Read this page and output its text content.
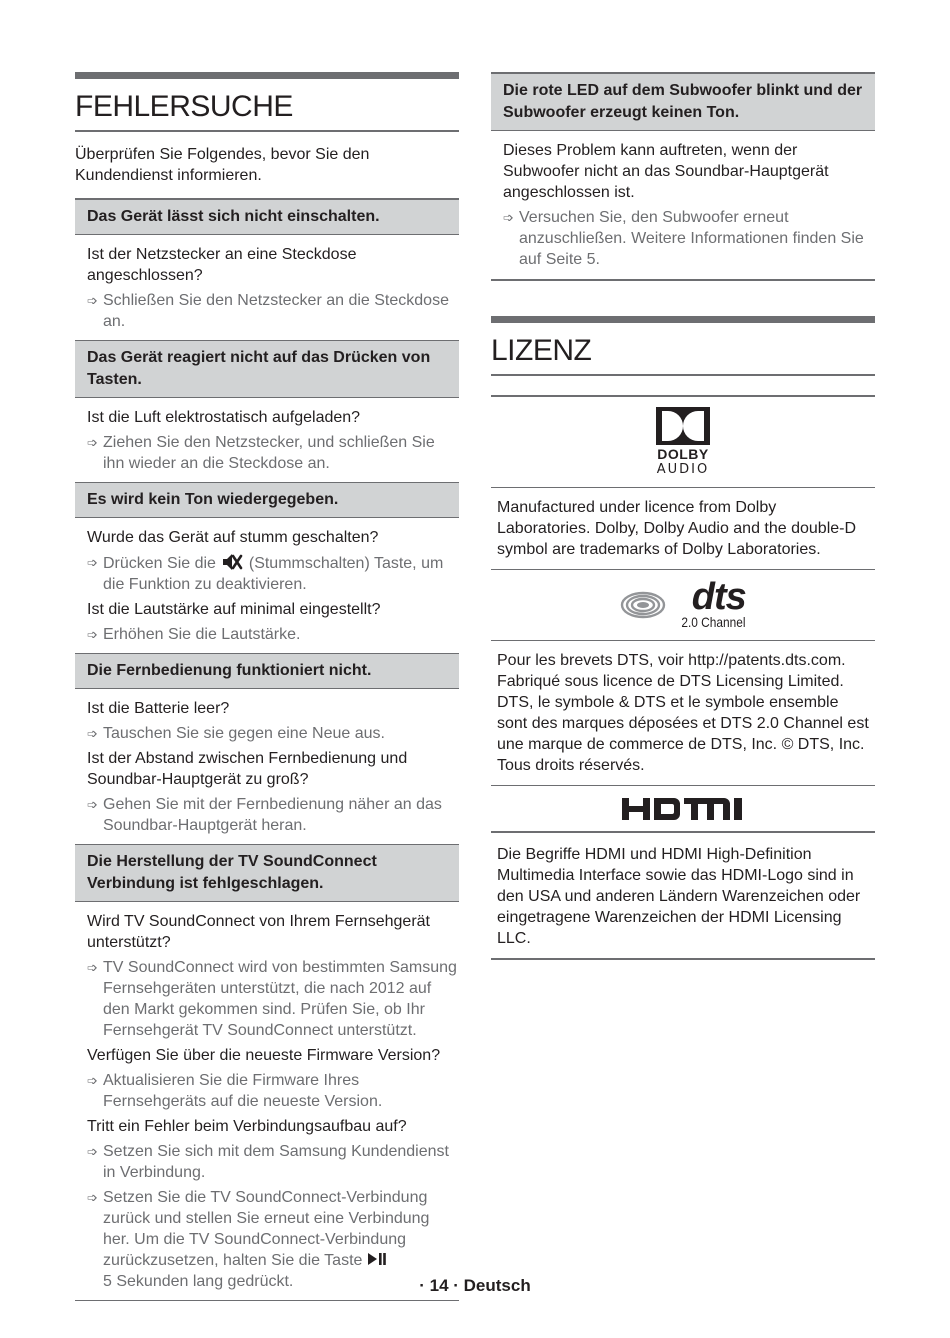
FEHLERSUCHE
Überprüfen Sie Folgendes, bevor Sie den Kundendienst informieren.
Das Gerät lässt sich nicht einschalten.
Ist der Netzstecker an eine Steckdose angeschlossen?
➩ Schließen Sie den Netzstecker an die Steckdose an.
Das Gerät reagiert nicht auf das Drücken von Tasten.
Ist die Luft elektrostatisch aufgeladen?
➩ Ziehen Sie den Netzstecker, und schließen Sie ihn wieder an die Steckdose an.
Es wird kein Ton wiedergegeben.
Wurde das Gerät auf stumm geschalten?
➩ Drücken Sie die (Stummschalten) Taste, um die Funktion zu deaktivieren.
Ist die Lautstärke auf minimal eingestellt?
➩ Erhöhen Sie die Lautstärke.
Die Fernbedienung funktioniert nicht.
Ist die Batterie leer?
➩ Tauschen Sie sie gegen eine Neue aus.
Ist der Abstand zwischen Fernbedienung und Soundbar-Hauptgerät zu groß?
➩ Gehen Sie mit der Fernbedienung näher an das Soundbar-Hauptgerät heran.
Die Herstellung der TV SoundConnect Verbindung ist fehlgeschlagen.
Wird TV SoundConnect von Ihrem Fernsehgerät unterstützt?
➩ TV SoundConnect wird von bestimmten Samsung Fernsehgeräten unterstützt, die nach 2012 auf den Markt gekommen sind. Prüfen Sie, ob Ihr Fernsehgerät TV SoundConnect unterstützt.
Verfügen Sie über die neueste Firmware Version?
➩ Aktualisieren Sie die Firmware Ihres Fernsehgeräts auf die neueste Version.
Tritt ein Fehler beim Verbindungsaufbau auf?
➩ Setzen Sie sich mit dem Samsung Kundendienst in Verbindung.
➩ Setzen Sie die TV SoundConnect-Verbindung zurück und stellen Sie erneut eine Verbindung her. Um die TV SoundConnect-Verbindung zurückzusetzen, halten Sie die Taste
5 Sekunden lang gedrückt.
Die rote LED auf dem Subwoofer blinkt und der Subwoofer erzeugt keinen Ton.
Dieses Problem kann auftreten, wenn der Subwoofer nicht an das Soundbar-Hauptgerät angeschlossen ist.
➩ Versuchen Sie, den Subwoofer erneut anzuschließen. Weitere Informationen finden Sie auf Seite 5.
LIZENZ
DOLBY
AUDIO
Manufactured under licence from Dolby Laboratories. Dolby, Dolby Audio and the double-D symbol are trademarks of Dolby Laboratories.
dts
2.0 Channel
Pour les brevets DTS, voir http://patents.dts.com. Fabriqué sous licence de DTS Licensing Limited. DTS, le symbole & DTS et le symbole ensemble sont des marques déposées et DTS 2.0 Channel est une marque de commerce de DTS, Inc. © DTS, Inc. Tous droits réservés.
Die Begriffe HDMI und HDMI High-Definition Multimedia Interface sowie das HDMI-Logo sind in den USA und anderen Ländern Warenzeichen oder eingetragene Warenzeichen der HDMI Licensing LLC.
· 14 · Deutsch
